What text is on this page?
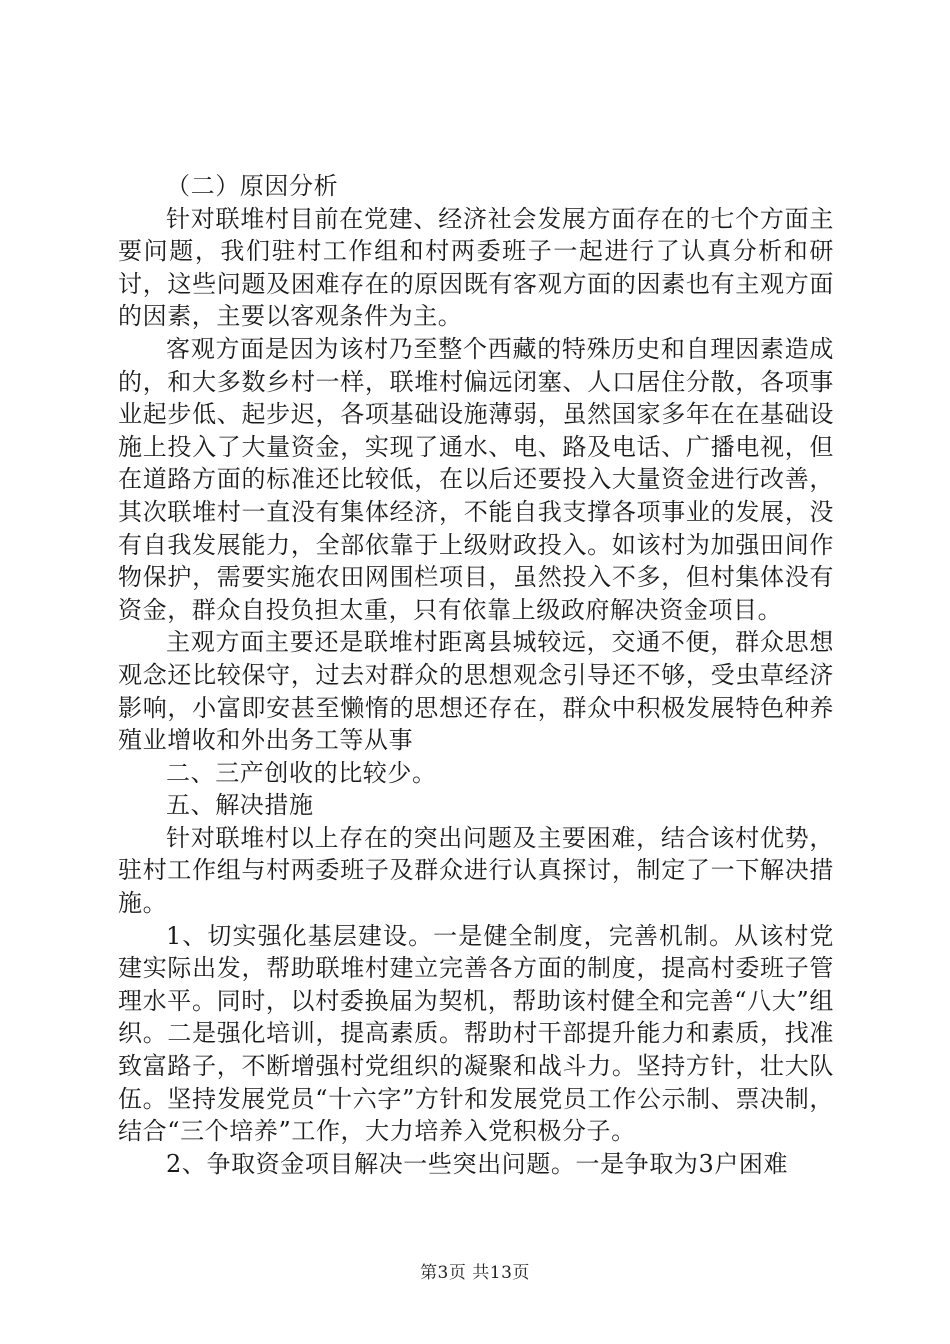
（二）原因分析

针对联堆村目前在党建、经济社会发展方面存在的七个方面主要问题，我们驻村工作组和村两委班子一起进行了认真分析和研讨，这些问题及困难存在的原因既有客观方面的因素也有主观方面的因素，主要以客观条件为主。

客观方面是因为该村乃至整个西藏的特殊历史和自理因素造成的，和大多数乡村一样，联堆村偏远闭塞、人口居住分散，各项事业起步低、起步迟，各项基础设施薄弱，虽然国家多年在在基础设施上投入了大量资金，实现了通水、电、路及电话、广播电视，但在道路方面的标准还比较低，在以后还要投入大量资金进行改善，其次联堆村一直没有集体经济，不能自我支撑各项事业的发展，没有自我发展能力，全部依靠于上级财政投入。如该村为加强田间作物保护，需要实施农田网围栏项目，虽然投入不多，但村集体没有资金，群众自投负担太重，只有依靠上级政府解决资金项目。

主观方面主要还是联堆村距离县城较远，交通不便，群众思想观念还比较保守，过去对群众的思想观念引导还不够，受虫草经济影响，小富即安甚至懒惰的思想还存在，群众中积极发展特色种养殖业增收和外出务工等从事

二、三产创收的比较少。

五、解决措施

针对联堆村以上存在的突出问题及主要困难，结合该村优势，驻村工作组与村两委班子及群众进行认真探讨，制定了一下解决措施。

1、切实强化基层建设。一是健全制度，完善机制。从该村党建实际出发，帮助联堆村建立完善各方面的制度，提高村委班子管理水平。同时，以村委换届为契机，帮助该村健全和完善“八大”组织。二是强化培训，提高素质。帮助村干部提升能力和素质，找准致富路子，不断增强村党组织的凝聚和战斗力。坚持方针，壮大队伍。坚持发展党员“十六字”方针和发展党员工作公示制、票决制，结合“三个培养”工作，大力培养入党积极分子。

2、争取资金项目解决一些突出问题。一是争取为3户困难

第3页 共13页
